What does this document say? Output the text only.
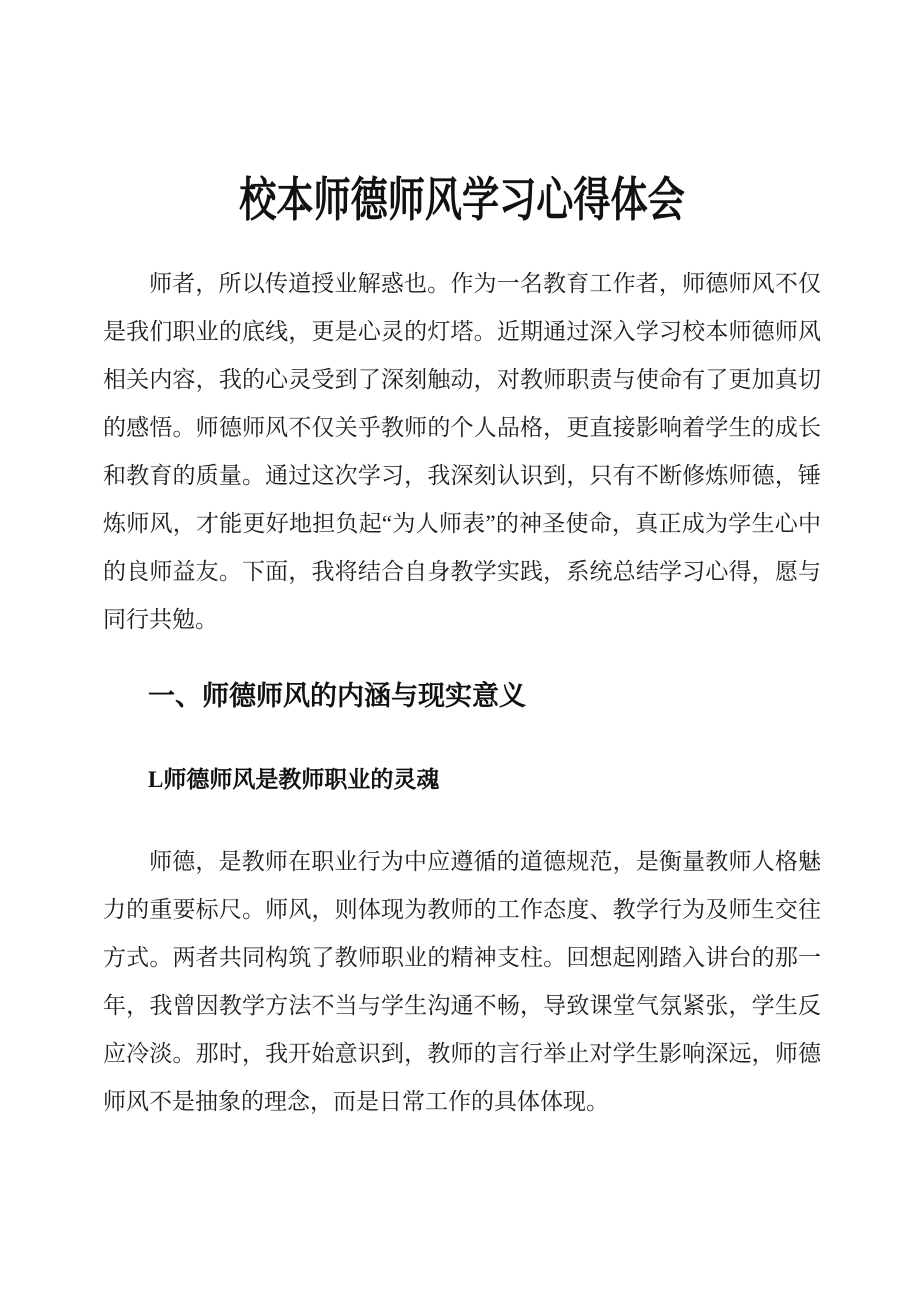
校本师德师风学习心得体会

师者，所以传道授业解惑也。作为一名教育工作者，师德师风不仅是我们职业的底线，更是心灵的灯塔。近期通过深入学习校本师德师风相关内容，我的心灵受到了深刻触动，对教师职责与使命有了更加真切的感悟。师德师风不仅关乎教师的个人品格，更直接影响着学生的成长和教育的质量。通过这次学习，我深刻认识到，只有不断修炼师德，锤炼师风，才能更好地担负起“为人师表”的神圣使命，真正成为学生心中的良师益友。下面，我将结合自身教学实践，系统总结学习心得，愿与同行共勉。

一、师德师风的内涵与现实意义
L师德师风是教师职业的灵魂

师德，是教师在职业行为中应遵循的道德规范，是衡量教师人格魅力的重要标尺。师风，则体现为教师的工作态度、教学行为及师生交往方式。两者共同构筑了教师职业的精神支柱。回想起刚踏入讲台的那一年，我曾因教学方法不当与学生沟通不畅，导致课堂气氛紧张，学生反应冷淡。那时，我开始意识到，教师的言行举止对学生影响深远，师德师风不是抽象的理念，而是日常工作的具体体现。
